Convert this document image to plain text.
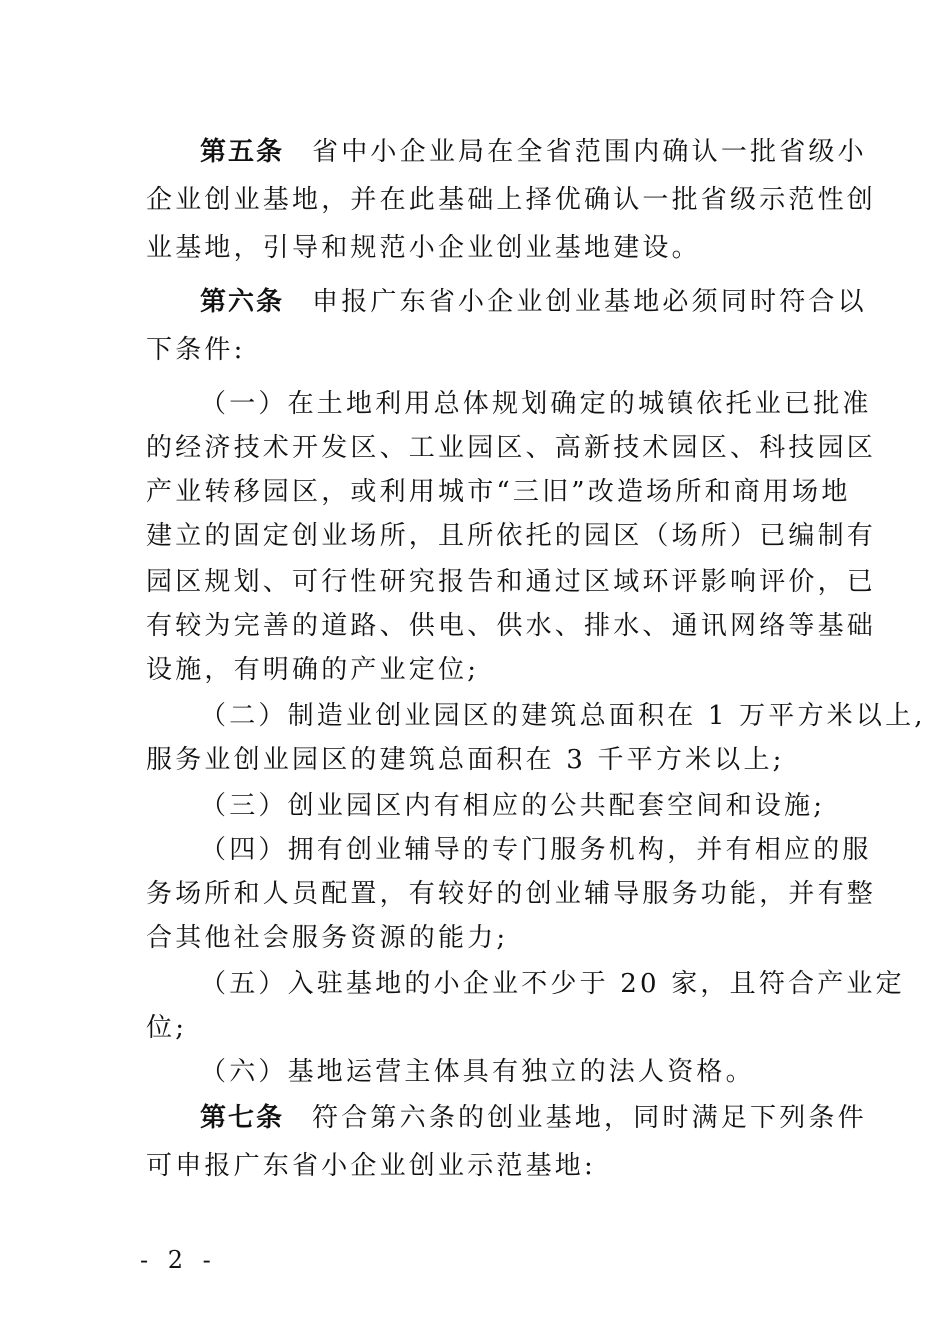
第五条 省中小企业局在全省范围内确认一批省级小
企业创业基地，并在此基础上择优确认一批省级示范性创
业基地，引导和规范小企业创业基地建设。
第六条 申报广东省小企业创业基地必须同时符合以
下条件:
（一）在土地利用总体规划确定的城镇依托业已批准
的经济技术开发区、工业园区、高新技术园区、科技园区
产业转移园区，或利用城市“三旧”改造场所和商用场地
建立的固定创业场所，且所依托的园区（场所）已编制有
园区规划、可行性研究报告和通过区域环评影响评价，已
有较为完善的道路、供电、供水、排水、通讯网络等基础
设施，有明确的产业定位;
（二）制造业创业园区的建筑总面积在 1 万平方米以上,
服务业创业园区的建筑总面积在 3 千平方米以上;
（三）创业园区内有相应的公共配套空间和设施;
（四）拥有创业辅导的专门服务机构，并有相应的服
务场所和人员配置，有较好的创业辅导服务功能，并有整
合其他社会服务资源的能力;
（五）入驻基地的小企业不少于 20 家，且符合产业定
位;
（六）基地运营主体具有独立的法人资格。
第七条 符合第六条的创业基地，同时满足下列条件
可申报广东省小企业创业示范基地:
- 2 -
